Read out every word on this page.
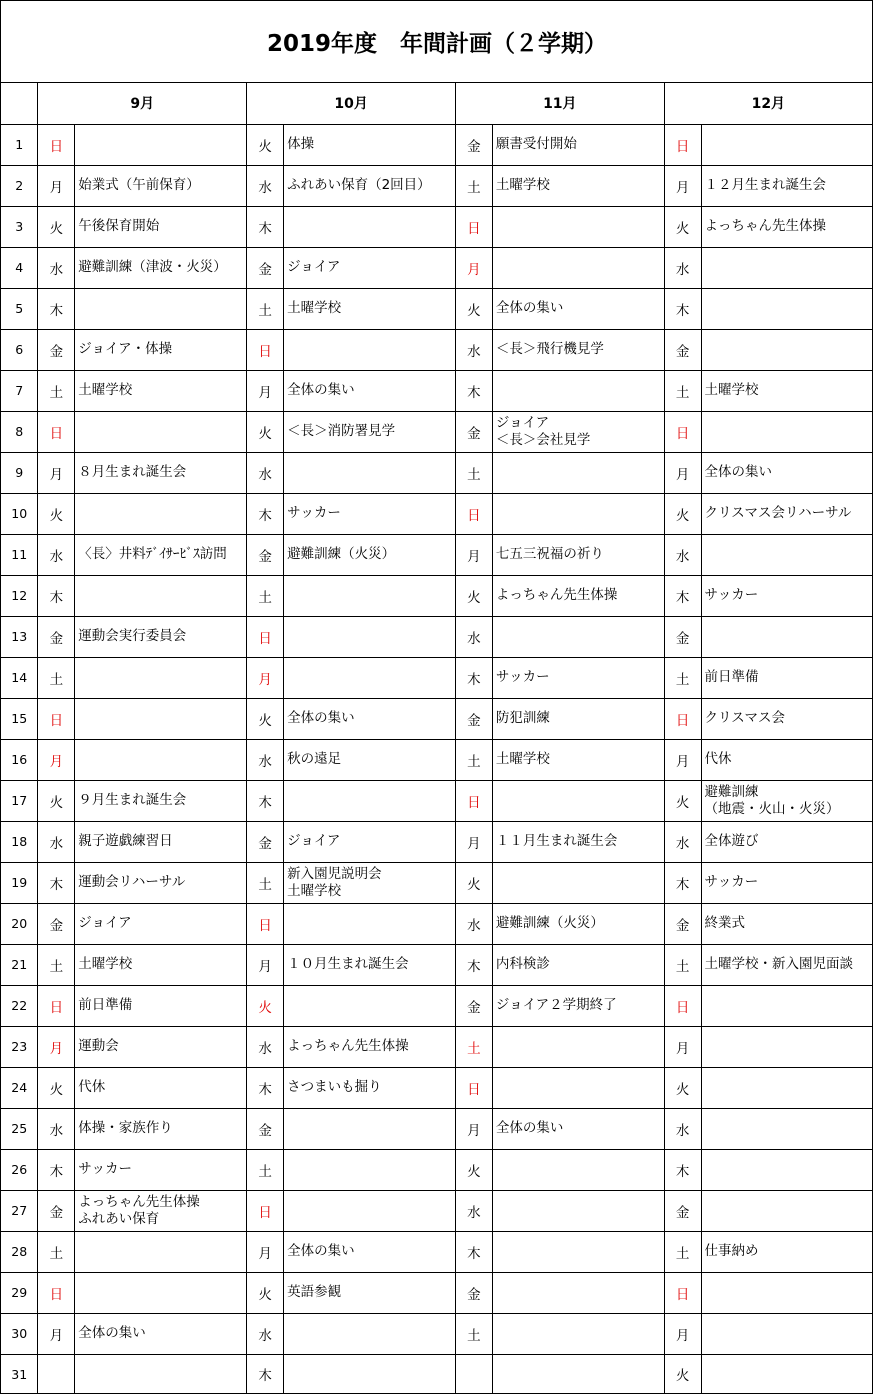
2019年度　年間計画（２学期）
	9月		10月		11月		12月	
1	日		火	体操	金	願書受付開始	日	
2	月	始業式（午前保育）	水	ふれあい保育（2回目）	土	土曜学校	月	１２月生まれ誕生会
3	火	午後保育開始	木		日		火	よっちゃん先生体操
4	水	避難訓練（津波・火災）	金	ジョイア	月		水	
5	木		土	土曜学校	火	全体の集い	木	
6	金	ジョイア・体操	日		水	＜長＞飛行機見学	金	
7	土	土曜学校	月	全体の集い	木		土	土曜学校
8	日		火	＜長＞消防署見学	金	ジョイア
＜長＞会社見学	日	
9	月	８月生まれ誕生会	水		土		月	全体の集い
10	火		木	サッカー	日		火	クリスマス会リハーサル
11	水	〈長〉井料ﾃﾞｲｻｰﾋﾞｽ訪問	金	避難訓練（火災）	月	七五三祝福の祈り	水	
12	木		土		火	よっちゃん先生体操	木	サッカー
13	金	運動会実行委員会	日		水		金	
14	土		月		木	サッカー	土	前日準備
15	日		火	全体の集い	金	防犯訓練	日	クリスマス会
16	月		水	秋の遠足	土	土曜学校	月	代休
17	火	９月生まれ誕生会	木		日		火	避難訓練
（地震・火山・火災）
18	水	親子遊戯練習日	金	ジョイア	月	１１月生まれ誕生会	水	全体遊び
19	木	運動会リハーサル	土	新入園児説明会
土曜学校	火		木	サッカー
20	金	ジョイア	日		水	避難訓練（火災）	金	終業式
21	土	土曜学校	月	１０月生まれ誕生会	木	内科検診	土	土曜学校・新入園児面談
22	日	前日準備	火		金	ジョイア２学期終了	日	
23	月	運動会	水	よっちゃん先生体操	土		月	
24	火	代休	木	さつまいも掘り	日		火	
25	水	体操・家族作り	金		月	全体の集い	水	
26	木	サッカー	土		火		木	
27	金	よっちゃん先生体操
ふれあい保育	日		水		金	
28	土		月	全体の集い	木		土	仕事納め
29	日		火	英語参観	金		日	
30	月	全体の集い	水		土		月	
31			木				火	
